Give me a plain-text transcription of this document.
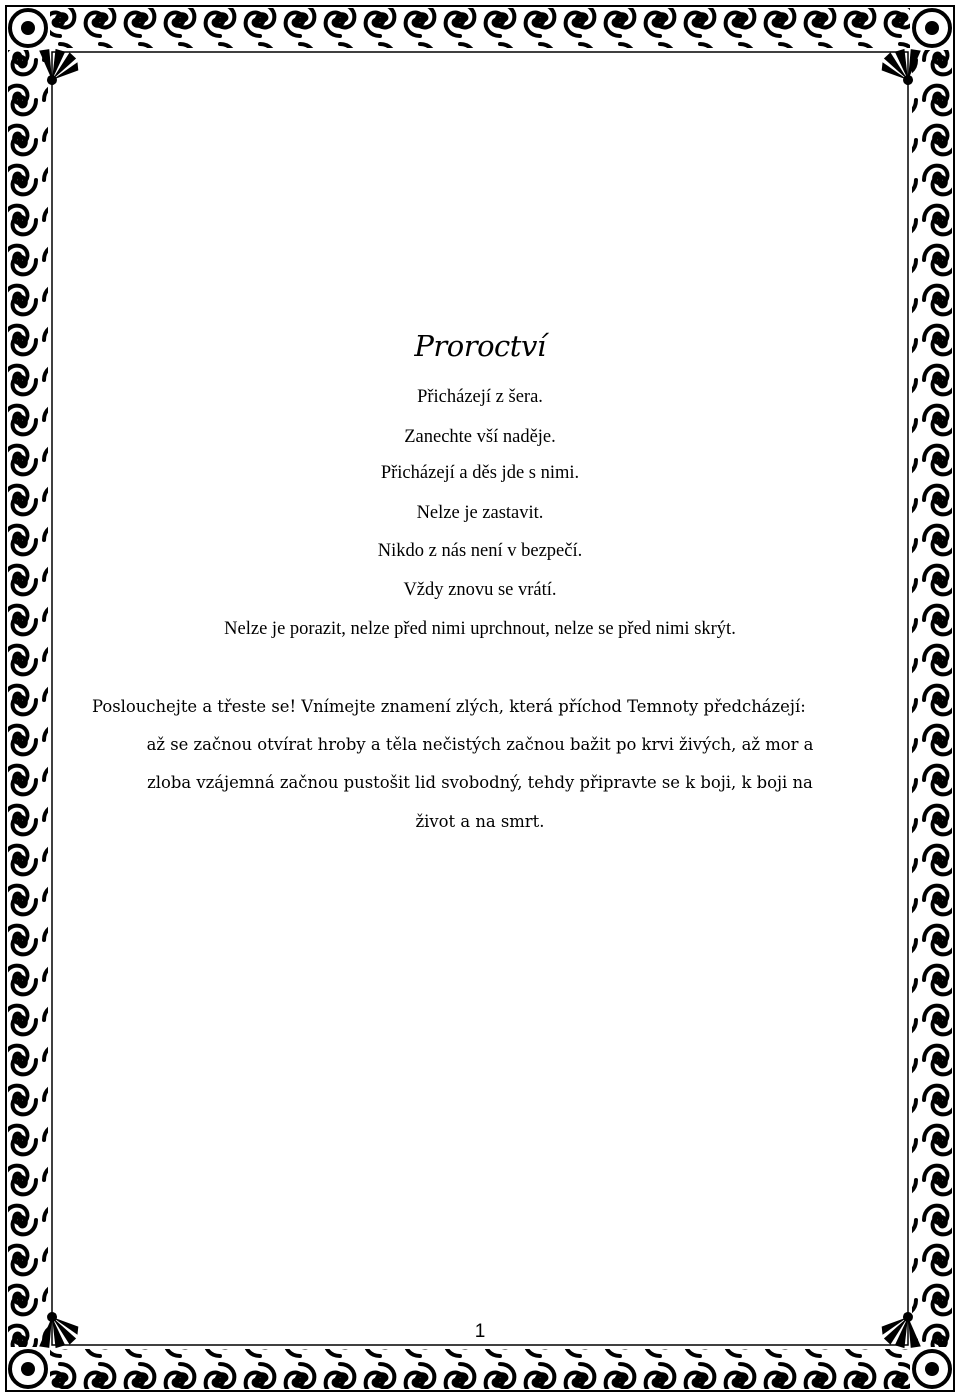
Proroctví
Přicházejí z šera.
Zanechte vší naděje.
Přicházejí a děs jde s nimi.
Nelze je zastavit.
Nikdo z nás není v bezpečí.
Vždy znovu se vrátí.
Nelze je porazit, nelze před nimi uprchnout, nelze se před nimi skrýt.
Poslouchejte a třeste se! Vnímejte znamení zlých, která příchod Temnoty předcházejí:
až se začnou otvírat hroby a těla nečistých začnou bažit po krvi živých, až mor a
zloba vzájemná začnou pustošit lid svobodný, tehdy připravte se k boji, k boji na
život a na smrt.
1
